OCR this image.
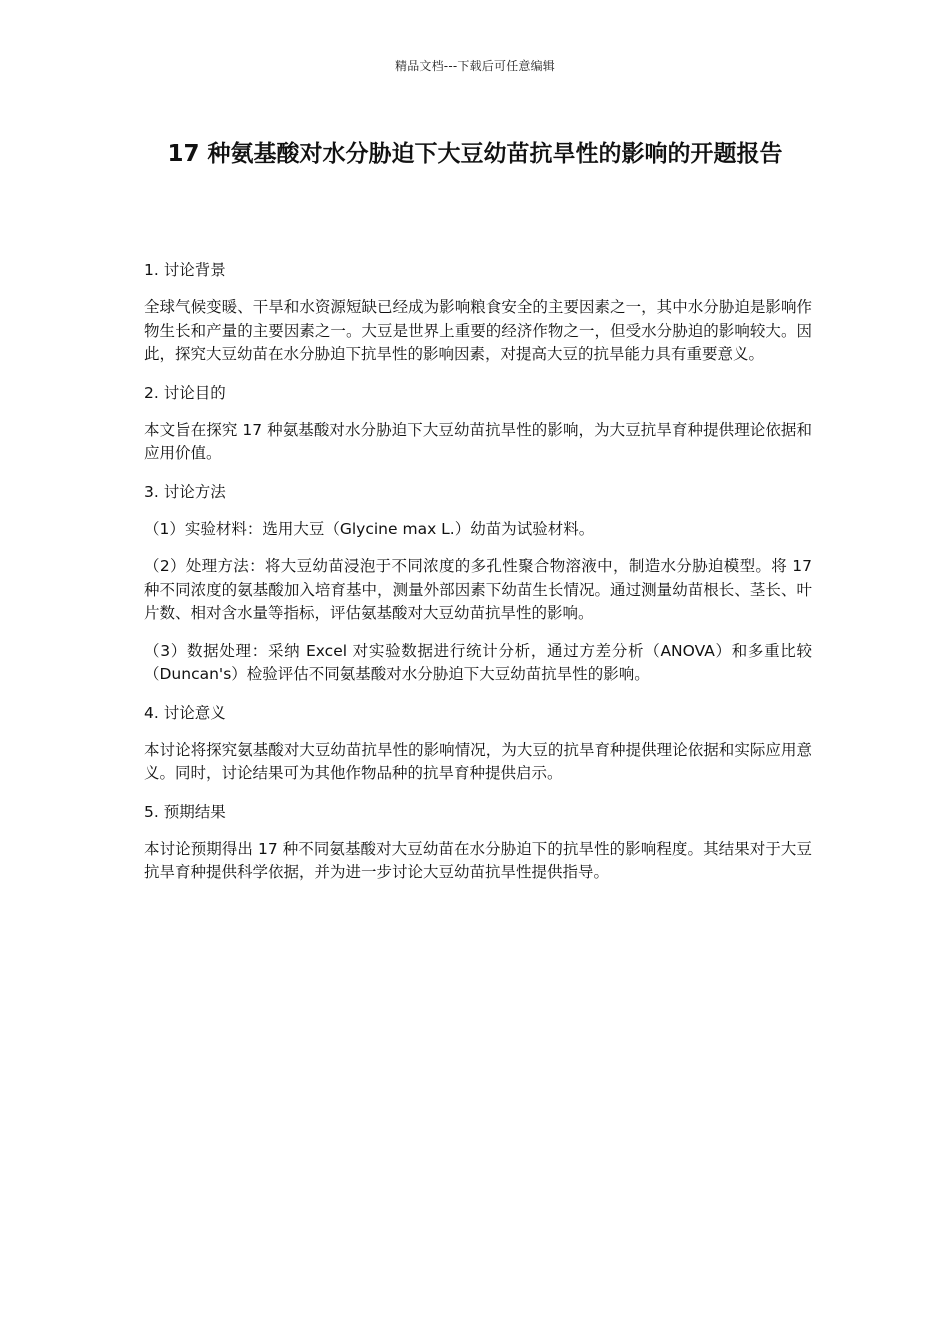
精品文档---下载后可任意编辑
17 种氨基酸对水分胁迫下大豆幼苗抗旱性的影响的开题报告

1. 讨论背景

全球气候变暖、干旱和水资源短缺已经成为影响粮食安全的主要因素之一，其中水分胁迫是影响作物生长和产量的主要因素之一。大豆是世界上重要的经济作物之一，但受水分胁迫的影响较大。因此，探究大豆幼苗在水分胁迫下抗旱性的影响因素，对提高大豆的抗旱能力具有重要意义。

2. 讨论目的

本文旨在探究 17 种氨基酸对水分胁迫下大豆幼苗抗旱性的影响，为大豆抗旱育种提供理论依据和应用价值。

3. 讨论方法

（1）实验材料：选用大豆（Glycine max L.）幼苗为试验材料。

（2）处理方法：将大豆幼苗浸泡于不同浓度的多孔性聚合物溶液中，制造水分胁迫模型。将 17 种不同浓度的氨基酸加入培育基中，测量外部因素下幼苗生长情况。通过测量幼苗根长、茎长、叶片数、相对含水量等指标，评估氨基酸对大豆幼苗抗旱性的影响。

（3）数据处理：采纳 Excel 对实验数据进行统计分析，通过方差分析（ANOVA）和多重比较（Duncan's）检验评估不同氨基酸对水分胁迫下大豆幼苗抗旱性的影响。

4. 讨论意义

本讨论将探究氨基酸对大豆幼苗抗旱性的影响情况，为大豆的抗旱育种提供理论依据和实际应用意义。同时，讨论结果可为其他作物品种的抗旱育种提供启示。

5. 预期结果

本讨论预期得出 17 种不同氨基酸对大豆幼苗在水分胁迫下的抗旱性的影响程度。其结果对于大豆抗旱育种提供科学依据，并为进一步讨论大豆幼苗抗旱性提供指导。
